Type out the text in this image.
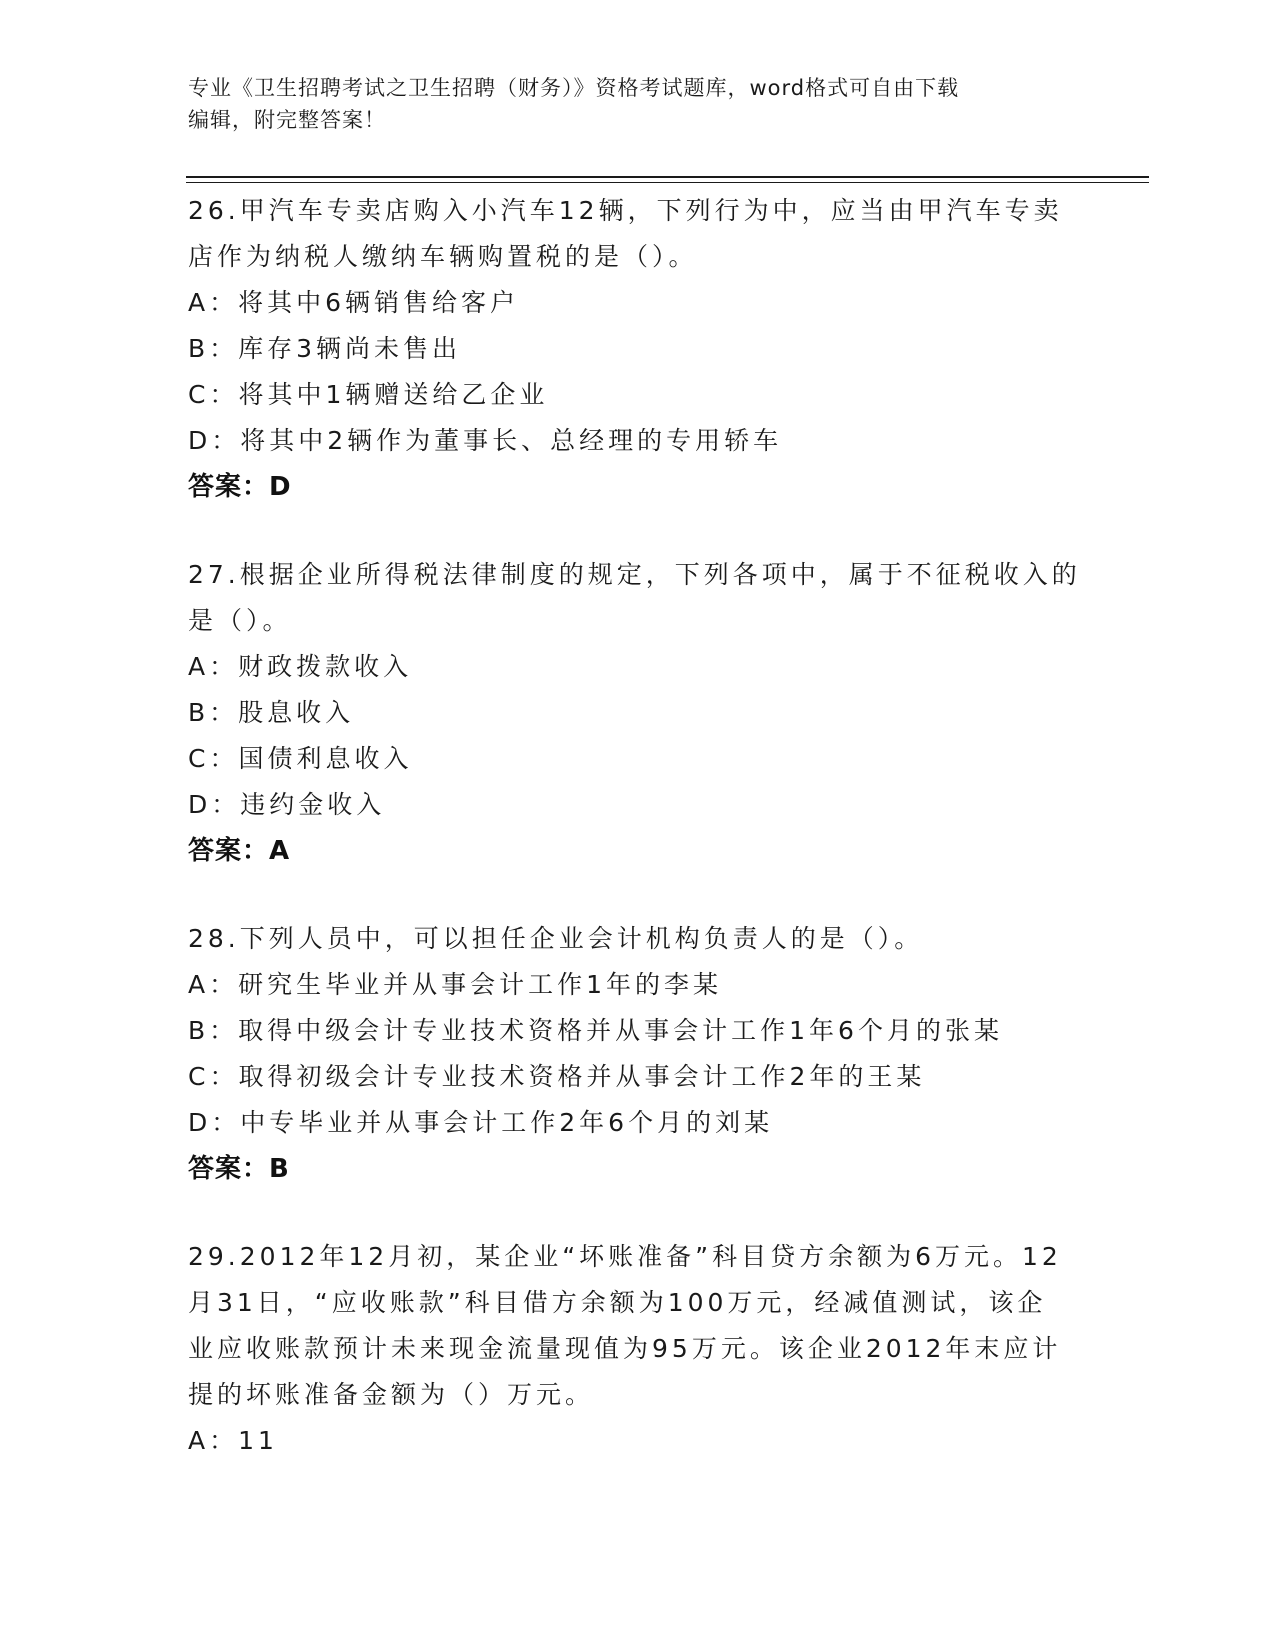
专业《卫生招聘考试之卫生招聘（财务）》资格考试题库，word格式可自由下载
编辑，附完整答案！

26.甲汽车专卖店购入小汽车12辆，下列行为中，应当由甲汽车专卖

店作为纳税人缴纳车辆购置税的是（）。

A：将其中6辆销售给客户

B：库存3辆尚未售出

C：将其中1辆赠送给乙企业

D：将其中2辆作为董事长、总经理的专用轿车

答案：D

27.根据企业所得税法律制度的规定，下列各项中，属于不征税收入的

是（）。

A：财政拨款收入

B：股息收入

C：国债利息收入

D：违约金收入

答案：A

28.下列人员中，可以担任企业会计机构负责人的是（）。

A：研究生毕业并从事会计工作1年的李某

B：取得中级会计专业技术资格并从事会计工作1年6个月的张某

C：取得初级会计专业技术资格并从事会计工作2年的王某

D：中专毕业并从事会计工作2年6个月的刘某

答案：B

29.2012年12月初，某企业“坏账准备”科目贷方余额为6万元。12

月31日，“应收账款”科目借方余额为100万元，经减值测试，该企

业应收账款预计未来现金流量现值为95万元。该企业2012年末应计

提的坏账准备金额为（）万元。

A：11
